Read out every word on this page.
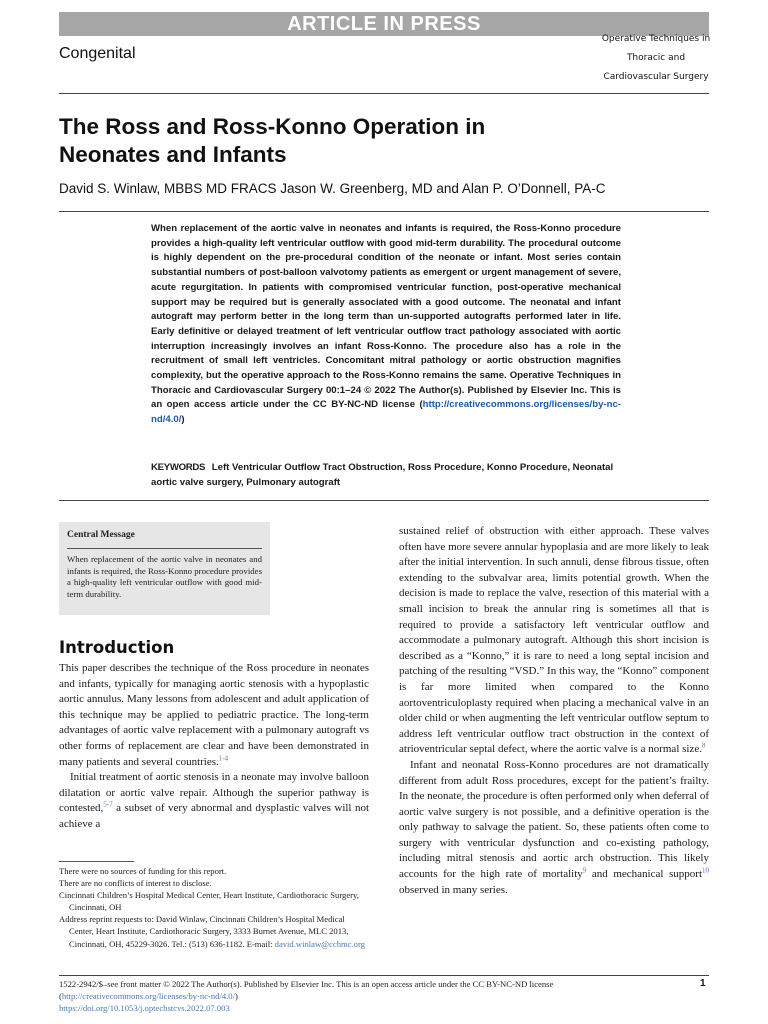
ARTICLE IN PRESS
Congenital
Operative Techniques in
Thoracic and
Cardiovascular Surgery
The Ross and Ross-Konno Operation in
Neonates and Infants
David S. Winlaw, MBBS MD FRACS Jason W. Greenberg, MD and Alan P. O’Donnell, PA-C
When replacement of the aortic valve in neonates and infants is required, the Ross-Konno procedure provides a high-quality left ventricular outflow with good mid-term durability. The procedural outcome is highly dependent on the pre-procedural condition of the neonate or infant. Most series contain substantial numbers of post-balloon valvotomy patients as emergent or urgent management of severe, acute regurgitation. In patients with compromised ventricular function, post-operative mechanical support may be required but is generally associated with a good outcome. The neonatal and infant autograft may perform better in the long term than un-supported autografts performed later in life. Early definitive or delayed treatment of left ventricular outflow tract pathology associated with aortic interruption increasingly involves an infant Ross-Konno. The procedure also has a role in the recruitment of small left ventricles. Concomitant mitral pathology or aortic obstruction magnifies complexity, but the operative approach to the Ross-Konno remains the same. Operative Techniques in Thoracic and Cardiovascular Surgery 00:1–24 © 2022 The Author(s). Published by Elsevier Inc. This is an open access article under the CC BY-NC-ND license (http://creativecommons.org/licenses/by-nc-nd/4.0/)
KEYWORDS Left Ventricular Outflow Tract Obstruction, Ross Procedure, Konno Procedure, Neonatal aortic valve surgery, Pulmonary autograft
Central Message
When replacement of the aortic valve in neonates and infants is required, the Ross-Konno procedure provides a high-quality left ventricular outflow with good mid-term durability.
Introduction

This paper describes the technique of the Ross procedure in neonates and infants, typically for managing aortic stenosis with a hypoplastic aortic annulus. Many lessons from adolescent and adult application of this technique may be applied to pediatric practice. The long-term advantages of aortic valve replacement with a pulmonary autograft vs other forms of replacement are clear and have been demonstrated in many patients and several countries.$^{1-4}$

Initial treatment of aortic stenosis in a neonate may involve balloon dilatation or aortic valve repair. Although the superior pathway is contested,$^{5-7}$ a subset of very abnormal and dysplastic valves will not achieve a

sustained relief of obstruction with either approach. These valves often have more severe annular hypoplasia and are more likely to leak after the initial intervention. In such annuli, dense fibrous tissue, often extending to the subvalvar area, limits potential growth. When the decision is made to replace the valve, resection of this material with a small incision to break the annular ring is sometimes all that is required to provide a satisfactory left ventricular outflow and accommodate a pulmonary autograft. Although this short incision is described as a “Konno,” it is rare to need a long septal incision and patching of the resulting “VSD.” In this way, the “Konno” component is far more limited when compared to the Konno aortoventriculoplasty required when placing a mechanical valve in an older child or when augmenting the left ventricular outflow septum to address left ventricular outflow tract obstruction in the context of atrioventricular septal defect, where the aortic valve is a normal size.$^8$

Infant and neonatal Ross-Konno procedures are not dramatically different from adult Ross procedures, except for the patient’s frailty. In the neonate, the procedure is often performed only when deferral of aortic valve surgery is not possible, and a definitive operation is the only pathway to salvage the patient. So, these patients often come to surgery with ventricular dysfunction and co-existing pathology, including mitral stenosis and aortic arch obstruction. This likely accounts for the high rate of mortality$^9$ and mechanical support$^{10}$ observed in many series.

There were no sources of funding for this report.

There are no conflicts of interest to disclose.

Cincinnati Children’s Hospital Medical Center, Heart Institute, Cardiothoracic Surgery, Cincinnati, OH

Address reprint requests to: David Winlaw, Cincinnati Children’s Hospital Medical Center, Heart Institute, Cardiothoracic Surgery, 3333 Burnet Avenue, MLC 2013, Cincinnati, OH, 45229-3026. Tel.: (513) 636-1182. E-mail: david.winlaw@cchmc.org

1522-2942/$–see front matter © 2022 The Author(s). Published by Elsevier Inc. This is an open access article under the CC BY-NC-ND license
(http://creativecommons.org/licenses/by-nc-nd/4.0/)
https://doi.org/10.1053/j.optechstcvs.2022.07.003
1
